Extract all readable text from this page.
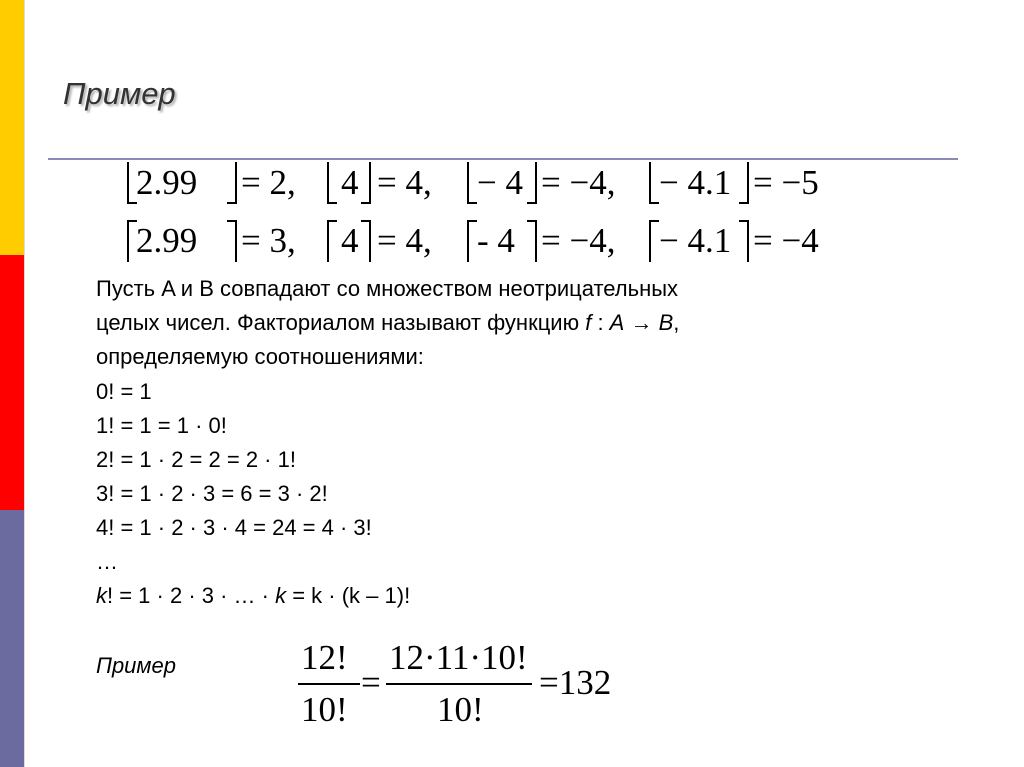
Пример
2.99 = 2, 4 = 4, − 4 = −4, − 4.1 = −5
2.99 = 3, 4 = 4, - 4 = −4, − 4.1 = −4
Пусть A и B совпадают со множеством неотрицательных
целых чисел. Факториалом называют функцию f : A → B,
определяемую соотношениями:
0! = 1
1! = 1 = 1 · 0!
2! = 1 · 2 = 2 = 2 · 1!
3! = 1 · 2 · 3 = 6 = 3 · 2!
4! = 1 · 2 · 3 · 4 = 24 = 4 · 3!
…
k! = 1 · 2 · 3 · … · k = k · (k – 1)!
Пример	12!
10!
=
12·11·10!
10!
=132
